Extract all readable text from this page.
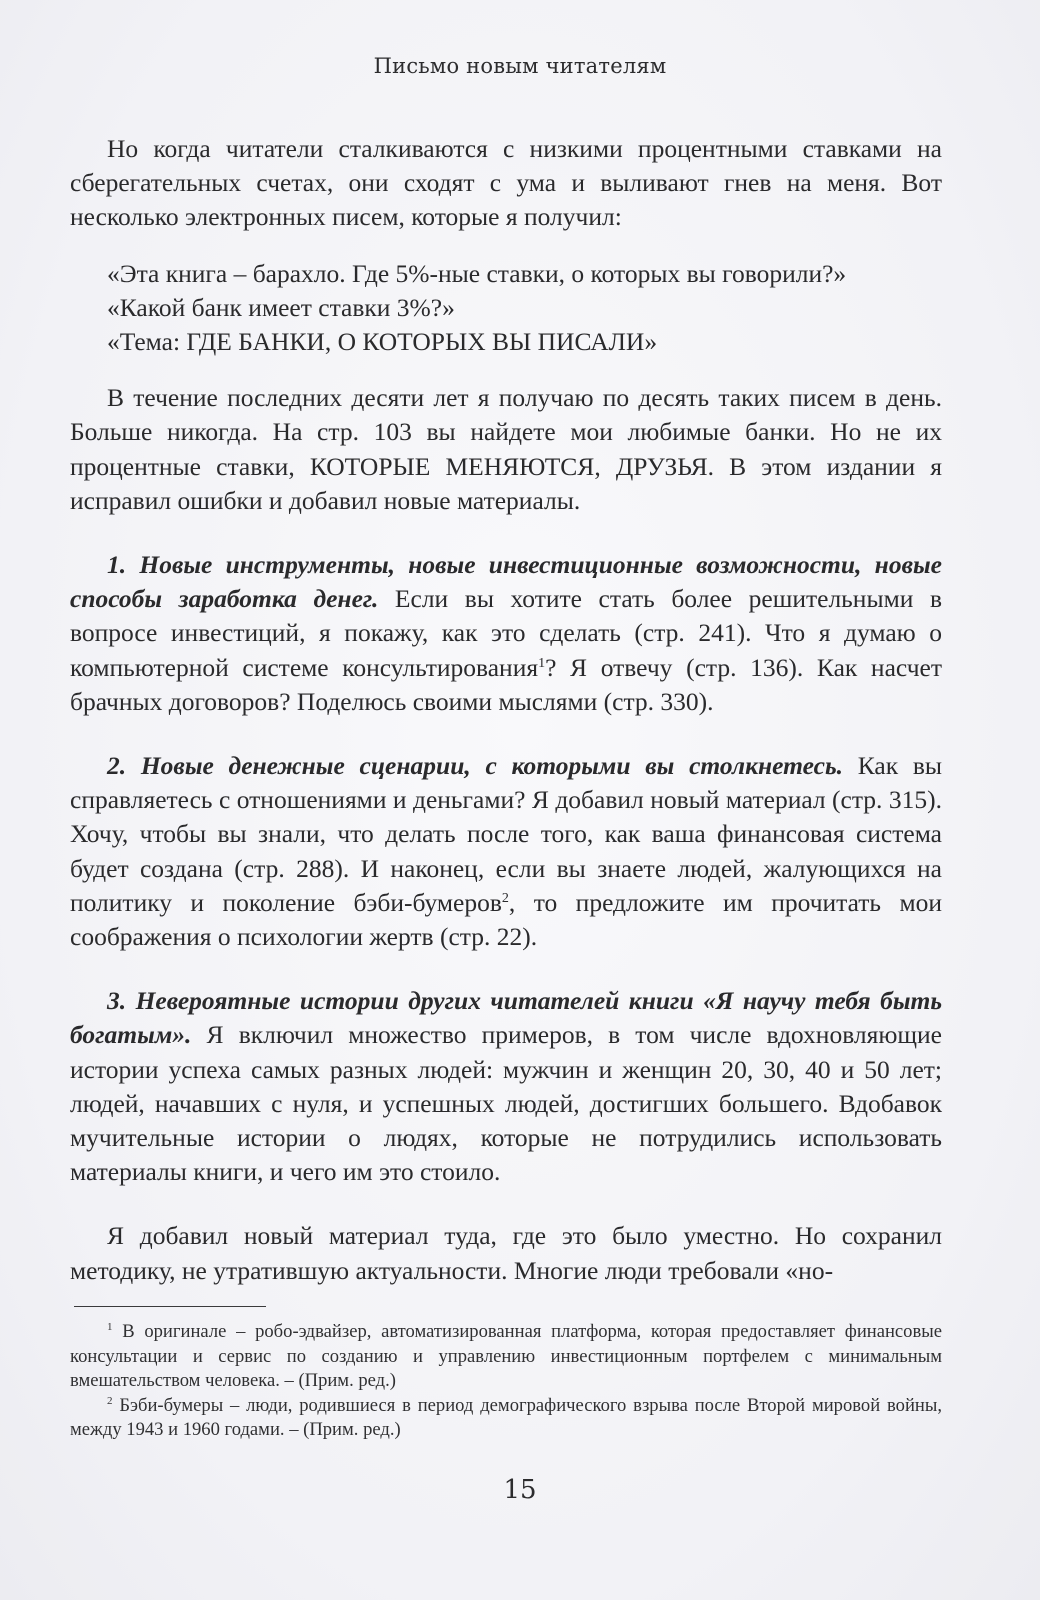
Письмо новым читателям

Но когда читатели сталкиваются с низкими процентными ставками на сберегательных счетах, они сходят с ума и выливают гнев на меня. Вот несколько электронных писем, которые я получил:

«Эта книга – барахло. Где 5%-ные ставки, о которых вы говорили?»
«Какой банк имеет ставки 3%?»
«Тема: ГДЕ БАНКИ, О КОТОРЫХ ВЫ ПИСАЛИ»

В течение последних десяти лет я получаю по десять таких писем в день. Больше никогда. На стр. 103 вы найдете мои любимые банки. Но не их процентные ставки, КОТОРЫЕ МЕНЯЮТСЯ, ДРУЗЬЯ. В этом издании я исправил ошибки и добавил новые материалы.

1. Новые инструменты, новые инвестиционные возможности, новые способы заработка денег. Если вы хотите стать более решительными в вопросе инвестиций, я покажу, как это сделать (стр. 241). Что я думаю о компьютерной системе консультирования$^1$? Я отвечу (стр. 136). Как насчет брачных договоров? Поделюсь своими мыслями (стр. 330).

2. Новые денежные сценарии, с которыми вы столкнетесь. Как вы справляетесь с отношениями и деньгами? Я добавил новый материал (стр. 315). Хочу, чтобы вы знали, что делать после того, как ваша финансовая система будет создана (стр. 288). И наконец, если вы знаете людей, жалующихся на политику и поколение бэби-бумеров$^2$, то предложите им прочитать мои соображения о психологии жертв (стр. 22).

3. Невероятные истории других читателей книги «Я научу тебя быть богатым». Я включил множество примеров, в том числе вдохновляющие истории успеха самых разных людей: мужчин и женщин 20, 30, 40 и 50 лет; людей, начавших с нуля, и успешных людей, достигших большего. Вдобавок мучительные истории о людях, которые не потрудились использовать материалы книги, и чего им это стоило.

Я добавил новый материал туда, где это было уместно. Но сохранил методику, не утратившую актуальности. Многие люди требовали «но-

$^1$ В оригинале – робо-эдвайзер, автоматизированная платформа, которая предоставляет финансовые консультации и сервис по созданию и управлению инвестиционным портфелем с минимальным вмешательством человека. – (Прим. ред.)
$^2$ Бэби-бумеры – люди, родившиеся в период демографического взрыва после Второй мировой войны, между 1943 и 1960 годами. – (Прим. ред.)
15
